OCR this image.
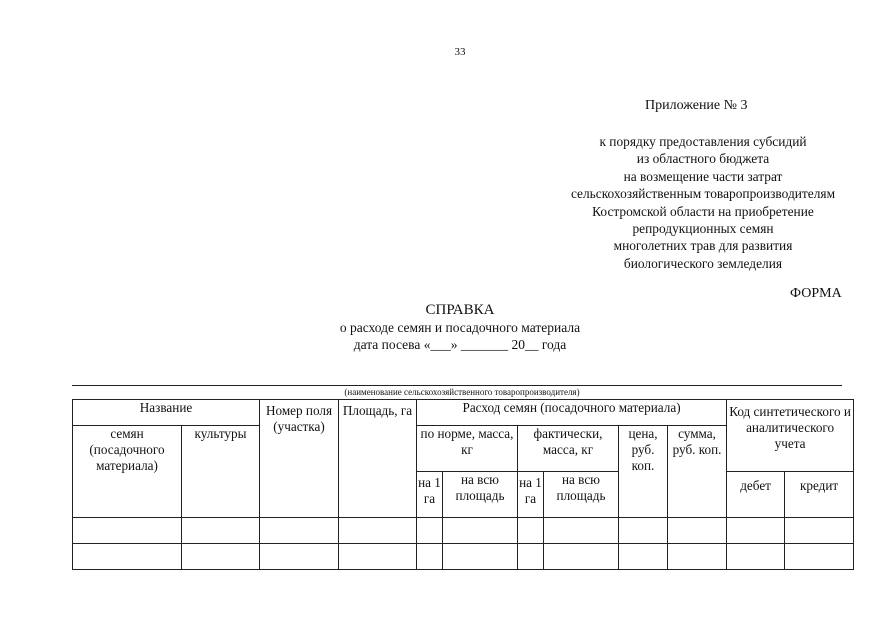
33
Приложение № 3
к порядку предоставления субсидий
из областного бюджета
на возмещение части затрат
сельскохозяйственным товаропроизводителям
Костромской области на приобретение
репродукционных семян
многолетних трав для развития
биологического земледелия
ФОРМА
СПРАВКА
о расходе семян и посадочного материала
дата посева «___» _______ 20__ года
(наименование сельскохозяйственного товаропроизводителя)
Название		Номер поля (участка)	Площадь, га	Расход семян (посадочного материала)						Код синтетического и аналитического учета	
семян (посадочного материала)	культуры			по норме, масса, кг		фактически, масса, кг		цена, руб. коп.	сумма, руб. коп.		
				на 1 га	на всю площадь	на 1 га	на всю площадь			дебет	кредит
